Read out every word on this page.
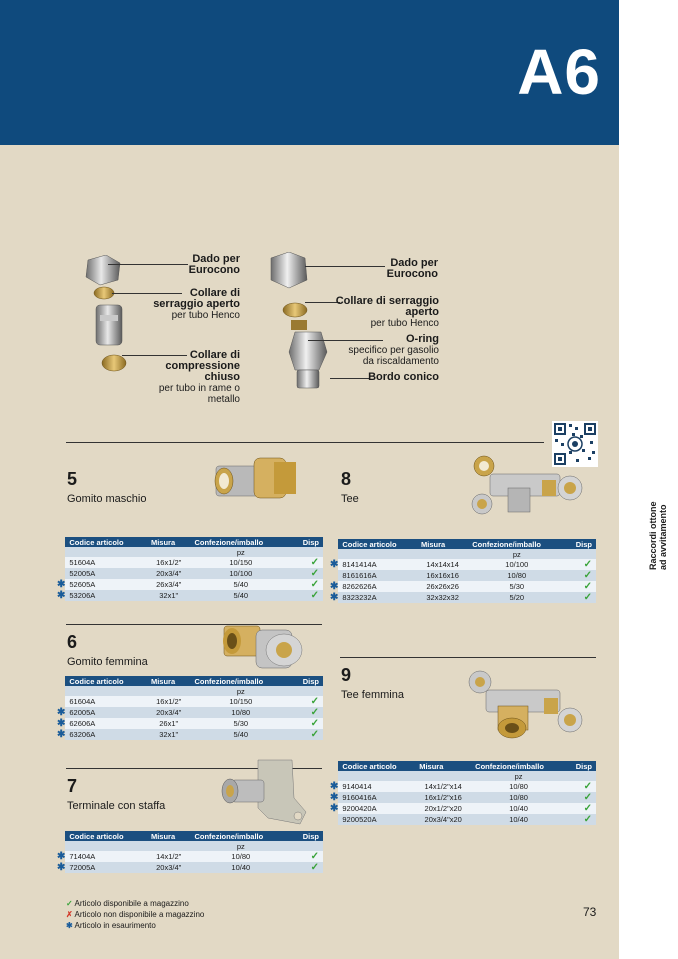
A6
Raccordi ottone
ad avvitamento
Dado per Eurocono
Collare di serraggio aperto
per tubo Henco
Collare di compressione chiuso
per tubo in rame o metallo
Dado per Eurocono
Collare di serraggio aperto
per tubo Henco
O-ring
specifico per gasolio da riscaldamento
Bordo conico
5
Gomito maschio
	Codice articolo	Misura	Confezione/imballo	Disp
			pz	
	51604A	16x1/2"	10/150	✓
	52005A	20x3/4"	10/100	✓
✱	52605A	26x3/4"	5/40	✓
✱	53206A	32x1"	5/40	✓
6
Gomito femmina
	Codice articolo	Misura	Confezione/imballo	Disp
			pz	
	61604A	16x1/2"	10/150	✓
✱	62005A	20x3/4"	10/80	✓
✱	62606A	26x1"	5/30	✓
✱	63206A	32x1"	5/40	✓
7
Terminale con staffa
	Codice articolo	Misura	Confezione/imballo	Disp
			pz	
✱	71404A	14x1/2"	10/80	✓
✱	72005A	20x3/4"	10/40	✓
8
Tee
	Codice articolo	Misura	Confezione/imballo	Disp
			pz	
✱	8141414A	14x14x14	10/100	✓
	8161616A	16x16x16	10/80	✓
✱	8262626A	26x26x26	5/30	✓
✱	8323232A	32x32x32	5/20	✓
9
Tee femmina
	Codice articolo	Misura	Confezione/imballo	Disp
			pz	
✱	9140414	14x1/2"x14	10/80	✓
✱	9160416A	16x1/2"x16	10/80	✓
✱	9200420A	20x1/2"x20	10/40	✓
	9200520A	20x3/4"x20	10/40	✓
✓ Articolo disponibile a magazzino
✗ Articolo non disponibile a magazzino
✱ Articolo in esaurimento
73
